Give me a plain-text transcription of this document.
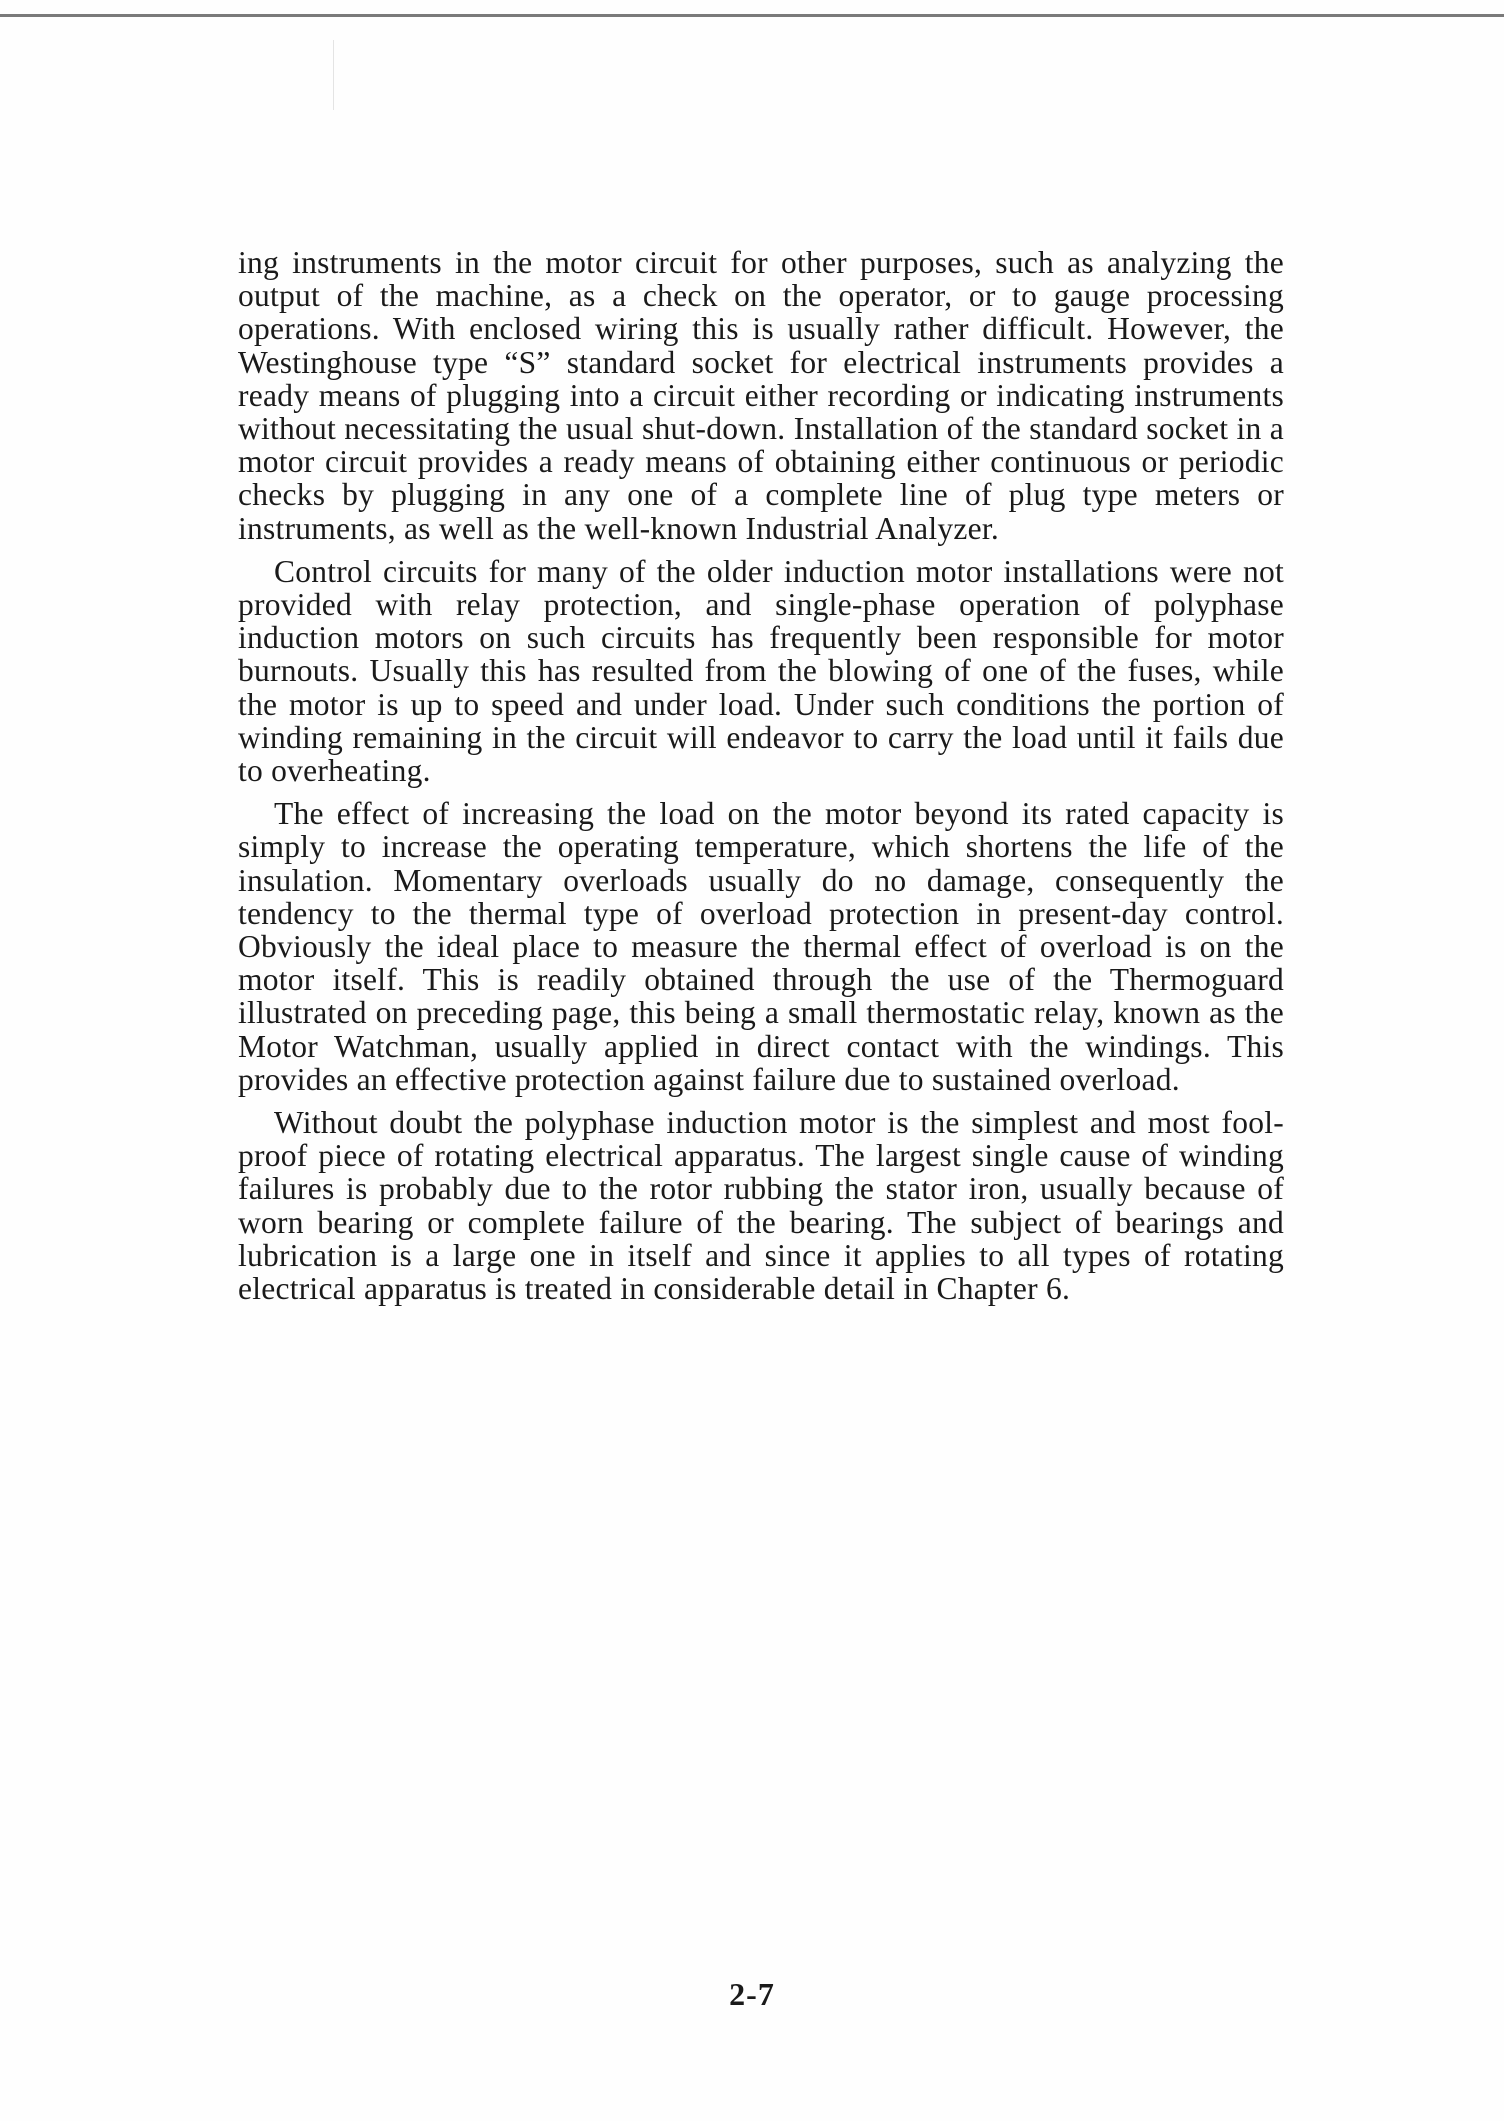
ing instruments in the motor circuit for other purposes, such as analyzing the output of the machine, as a check on the operator, or to gauge processing operations. With enclosed wiring this is usually rather difficult. However, the Westinghouse type “S” standard socket for electrical instruments provides a ready means of plugging into a circuit either recording or indicating instruments without necessitating the usual shut-down. Installation of the standard socket in a motor circuit provides a ready means of obtaining either continuous or periodic checks by plugging in any one of a complete line of plug type meters or instruments, as well as the well-known Industrial Analyzer.

Control circuits for many of the older induction motor installations were not provided with relay protection, and single-phase operation of polyphase induction motors on such circuits has frequently been responsible for motor burnouts. Usually this has resulted from the blowing of one of the fuses, while the motor is up to speed and under load. Under such conditions the portion of winding remaining in the circuit will endeavor to carry the load until it fails due to overheating.

The effect of increasing the load on the motor beyond its rated capacity is simply to increase the operating temperature, which shortens the life of the insulation. Momentary overloads usually do no damage, consequently the tendency to the thermal type of overload protection in present-day control. Obviously the ideal place to measure the thermal effect of overload is on the motor itself. This is readily obtained through the use of the Thermoguard illustrated on preceding page, this being a small thermostatic relay, known as the Motor Watchman, usually applied in direct contact with the windings. This provides an effective protection against failure due to sustained overload.

Without doubt the polyphase induction motor is the simplest and most fool-proof piece of rotating electrical apparatus. The largest single cause of winding failures is probably due to the rotor rubbing the stator iron, usually because of worn bearing or complete failure of the bearing. The subject of bearings and lubrication is a large one in itself and since it applies to all types of rotating electrical apparatus is treated in considerable detail in Chapter 6.

2-7
